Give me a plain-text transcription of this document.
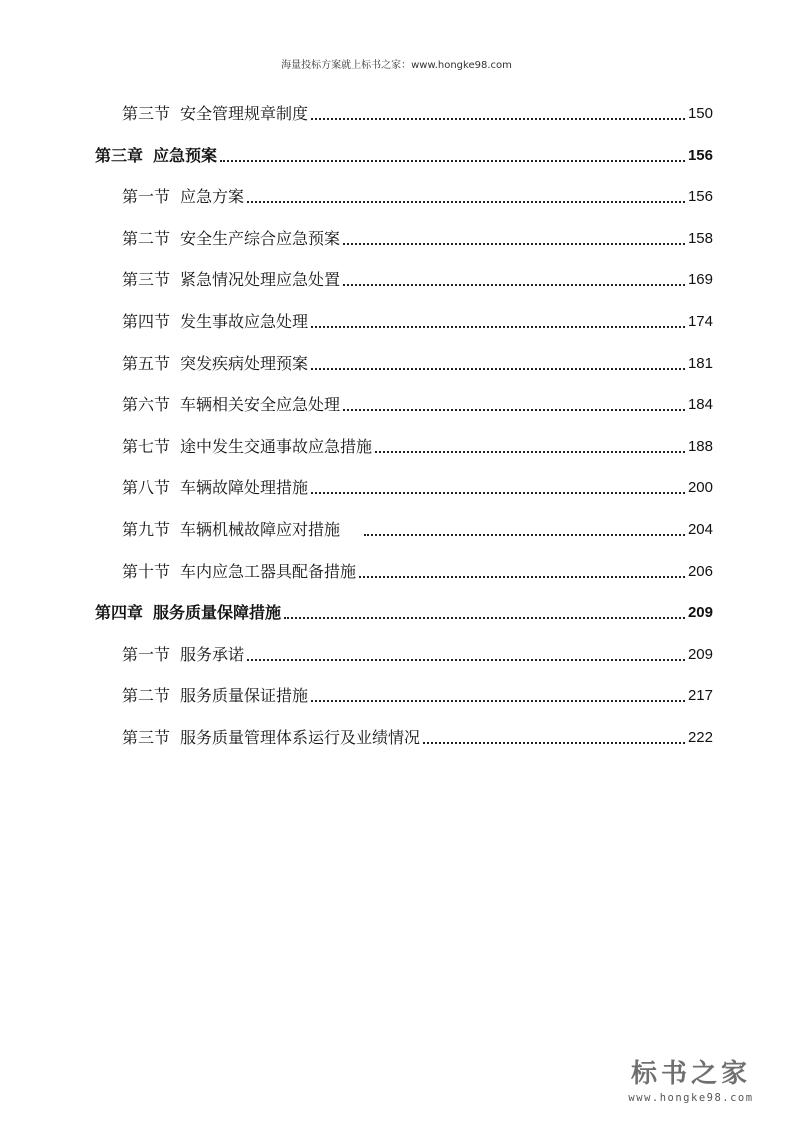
海量投标方案就上标书之家：www.hongke98.com
第三节 安全管理规章制度	150
第三章 应急预案	156
第一节 应急方案	156
第二节 安全生产综合应急预案	158
第三节 紧急情况处理应急处置	169
第四节 发生事故应急处理	174
第五节 突发疾病处理预案	181
第六节 车辆相关安全应急处理	184
第七节 途中发生交通事故应急措施	188
第八节 车辆故障处理措施	200
第九节 车辆机械故障应对措施	204
第十节 车内应急工器具配备措施	206
第四章 服务质量保障措施	209
第一节 服务承诺	209
第二节 服务质量保证措施	217
第三节 服务质量管理体系运行及业绩情况	222
标书之家
www.hongke98.com
